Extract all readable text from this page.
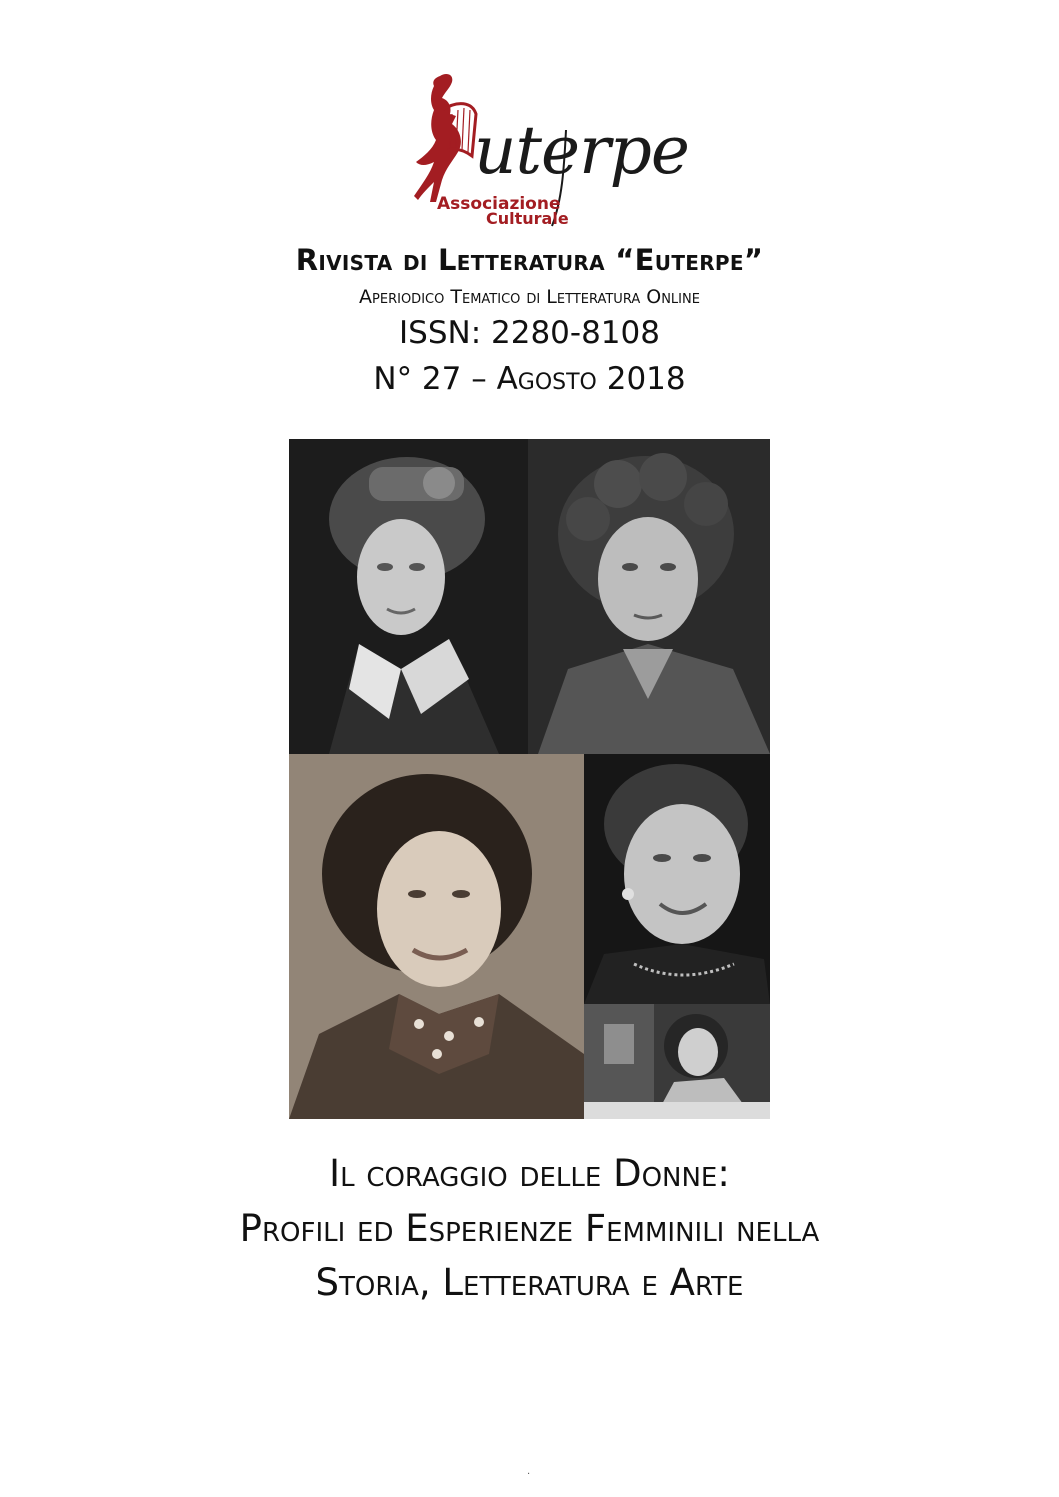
uterpe
Associazione
Culturale
Rivista di Letteratura “Euterpe”
Aperiodico Tematico di Letteratura Online
ISSN: 2280-8108
N° 27 – Agosto 2018
Il coraggio delle Donne:
Profili ed Esperienze Femminili nella
Storia, Letteratura e Arte
.
